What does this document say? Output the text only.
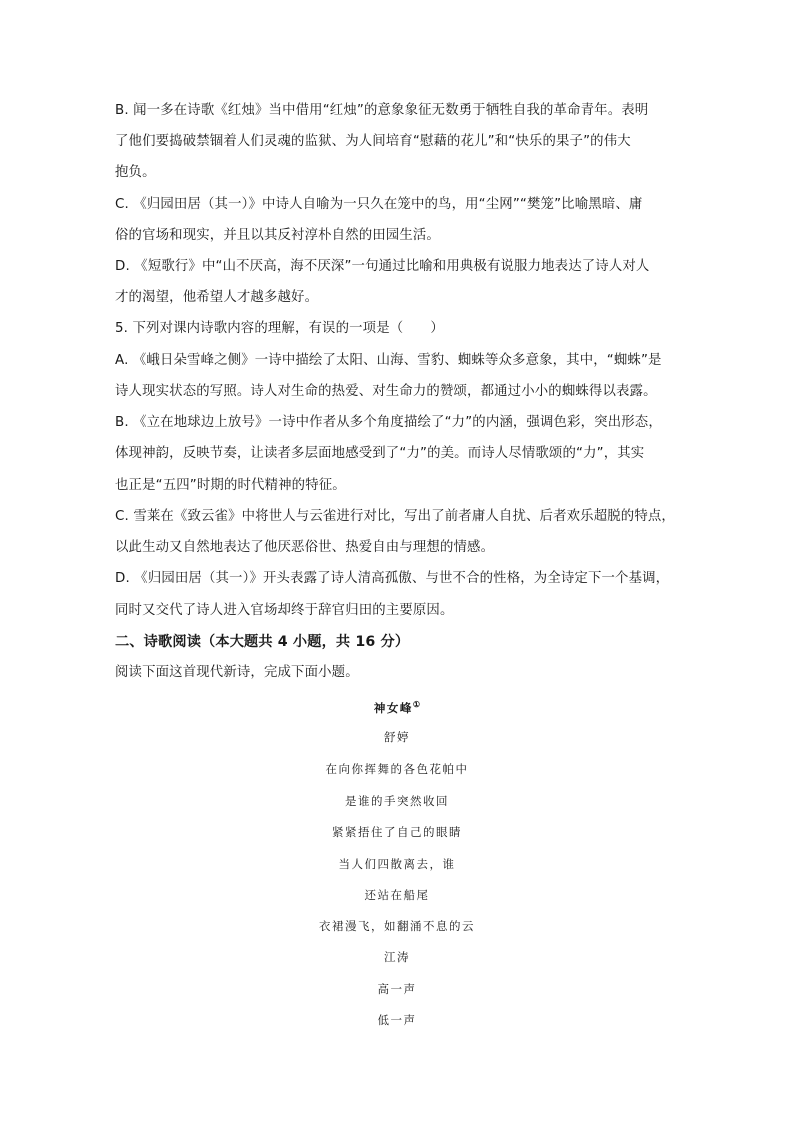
B. 闻一多在诗歌《红烛》当中借用“红烛”的意象象征无数勇于牺牲自我的革命青年。表明
了他们要捣破禁锢着人们灵魂的监狱、为人间培育“慰藉的花儿”和“快乐的果子”的伟大
抱负。
C. 《归园田居（其一）》中诗人自喻为一只久在笼中的鸟，用“尘网”“樊笼”比喻黑暗、庸
俗的官场和现实，并且以其反衬淳朴自然的田园生活。
D. 《短歌行》中“山不厌高，海不厌深”一句通过比喻和用典极有说服力地表达了诗人对人
才的渴望，他希望人才越多越好。
5. 下列对课内诗歌内容的理解，有误的一项是（　　）
A. 《峨日朵雪峰之侧》一诗中描绘了太阳、山海、雪豹、蜘蛛等众多意象，其中，“蜘蛛”是
诗人现实状态的写照。诗人对生命的热爱、对生命力的赞颂，都通过小小的蜘蛛得以表露。
B. 《立在地球边上放号》一诗中作者从多个角度描绘了“力”的内涵，强调色彩，突出形态，
体现神韵，反映节奏，让读者多层面地感受到了“力”的美。而诗人尽情歌颂的“力”，其实
也正是“五四”时期的时代精神的特征。
C. 雪莱在《致云雀》中将世人与云雀进行对比，写出了前者庸人自扰、后者欢乐超脱的特点，
以此生动又自然地表达了他厌恶俗世、热爱自由与理想的情感。
D. 《归园田居（其一）》开头表露了诗人清高孤傲、与世不合的性格，为全诗定下一个基调，
同时又交代了诗人进入官场却终于辞官归田的主要原因。
二、诗歌阅读（本大题共 4 小题，共 16 分）
阅读下面这首现代新诗，完成下面小题。
神女峰①
舒婷
在向你挥舞的各色花帕中
是谁的手突然收回
紧紧捂住了自己的眼睛
当人们四散离去，谁
还站在船尾
衣裙漫飞，如翻涌不息的云
江涛
高一声
低一声
